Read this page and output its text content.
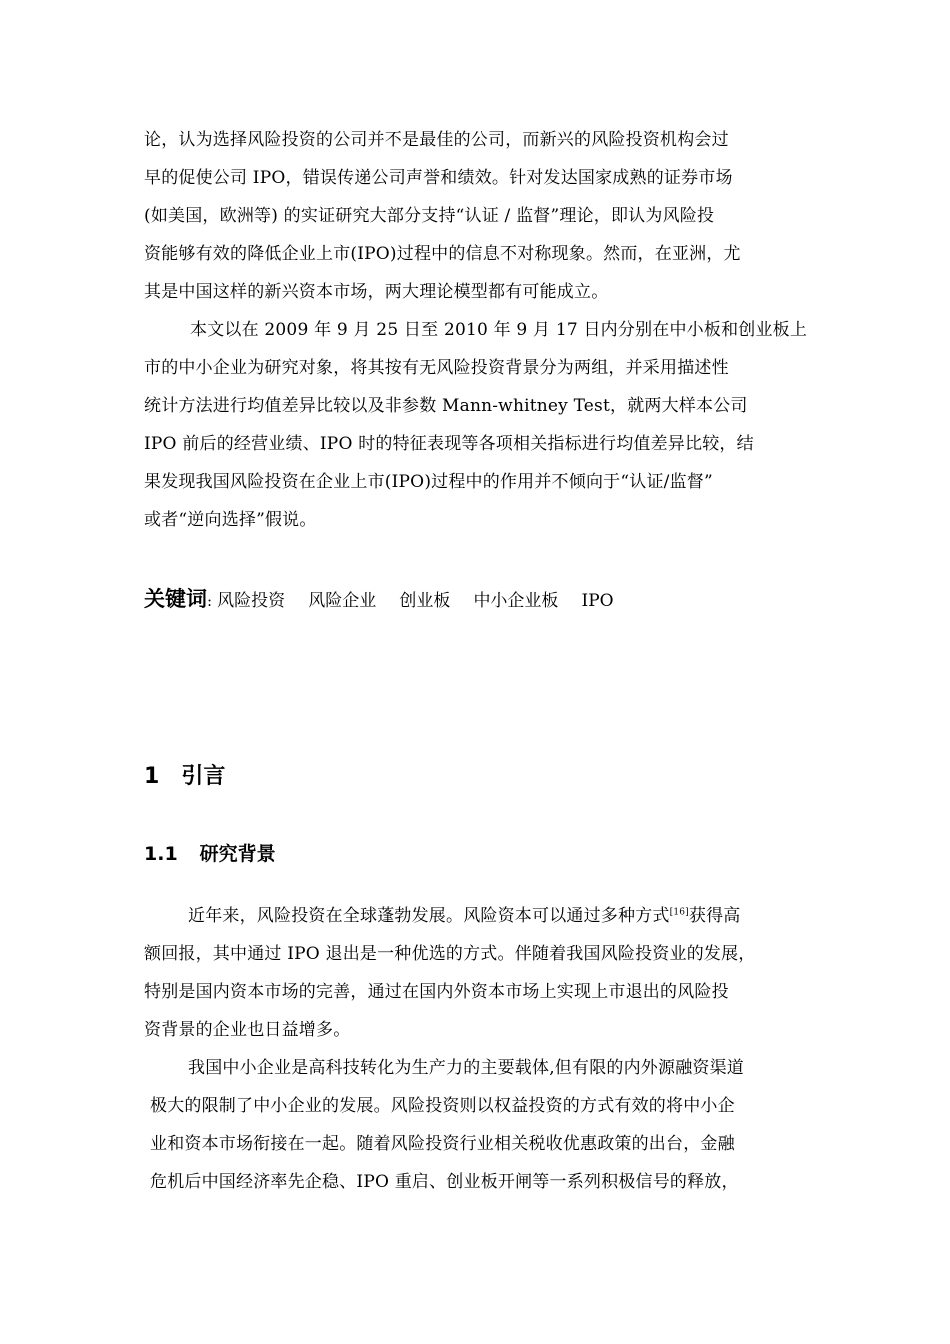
论，认为选择风险投资的公司并不是最佳的公司，而新兴的风险投资机构会过
早的促使公司 IPO，错误传递公司声誉和绩效。针对发达国家成熟的证券市场
(如美国，欧洲等) 的实证研究大部分支持“认证 / 监督”理论，即认为风险投
资能够有效的降低企业上市(IPO)过程中的信息不对称现象。然而，在亚洲，尤
其是中国这样的新兴资本市场，两大理论模型都有可能成立。
本文以在 2009 年 9 月 25 日至 2010 年 9 月 17 日内分别在中小板和创业板上
市的中小企业为研究对象，将其按有无风险投资背景分为两组，并采用描述性
统计方法进行均值差异比较以及非参数 Mann-whitney Test，就两大样本公司
IPO 前后的经营业绩、IPO 时的特征表现等各项相关指标进行均值差异比较，结
果发现我国风险投资在企业上市(IPO)过程中的作用并不倾向于“认证/监督”
或者“逆向选择”假说。
关键词: 风险投资 风险企业 创业板 中小企业板 IPO
1 引言
1.1 研究背景
近年来，风险投资在全球蓬勃发展。风险资本可以通过多种方式[16]获得高
额回报，其中通过 IPO 退出是一种优选的方式。伴随着我国风险投资业的发展，
特别是国内资本市场的完善，通过在国内外资本市场上实现上市退出的风险投
资背景的企业也日益增多。
我国中小企业是高科技转化为生产力的主要载体,但有限的内外源融资渠道
极大的限制了中小企业的发展。风险投资则以权益投资的方式有效的将中小企
业和资本市场衔接在一起。随着风险投资行业相关税收优惠政策的出台，金融
危机后中国经济率先企稳、IPO 重启、创业板开闸等一系列积极信号的释放，
